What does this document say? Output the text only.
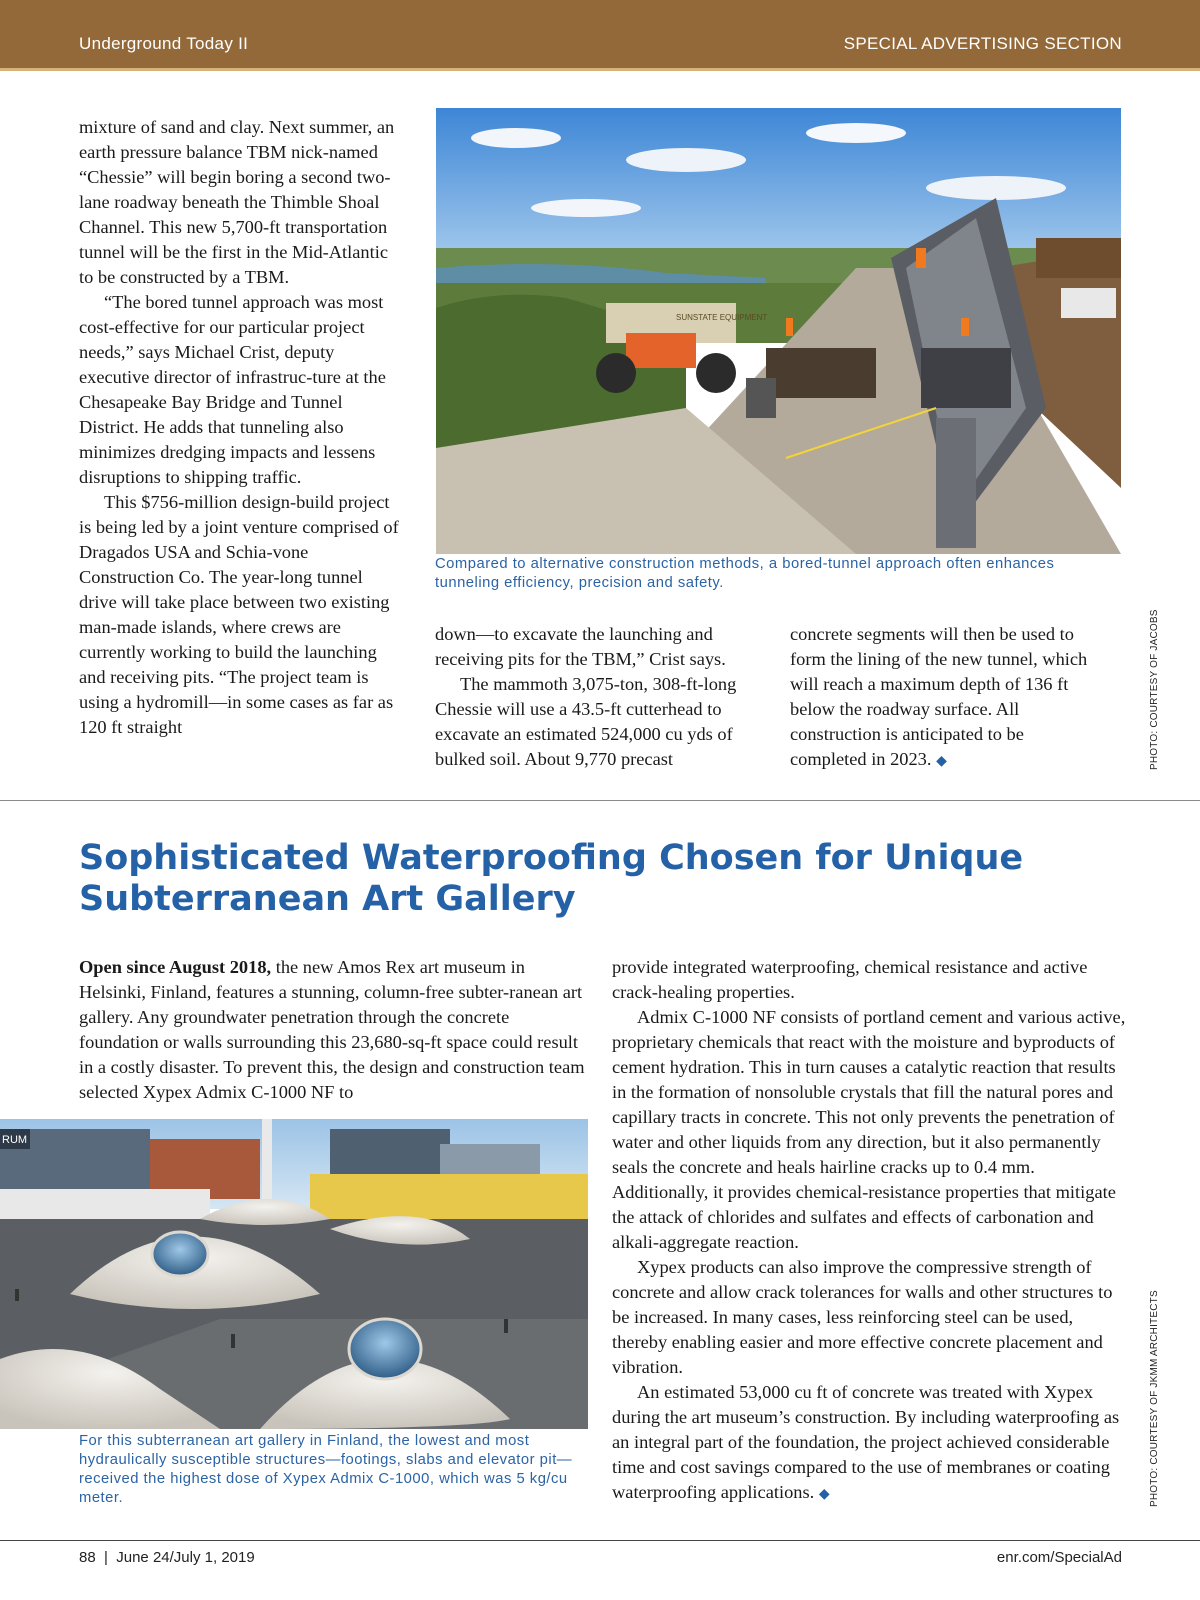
Underground Today II	SPECIAL ADVERTISING SECTION

mixture of sand and clay. Next summer, an earth pressure balance TBM nick-named “Chessie” will begin boring a second two-lane roadway beneath the Thimble Shoal Channel. This new 5,700-ft transportation tunnel will be the first in the Mid-Atlantic to be constructed by a TBM.

“The bored tunnel approach was most cost-effective for our particular project needs,” says Michael Crist, deputy executive director of infrastruc-ture at the Chesapeake Bay Bridge and Tunnel District. He adds that tunneling also minimizes dredging impacts and lessens disruptions to shipping traffic.

This $756-million design-build project is being led by a joint venture comprised of Dragados USA and Schia-vone Construction Co. The year-long tunnel drive will take place between two existing man-made islands, where crews are currently working to build the launching and receiving pits. “The project team is using a hydromill—in some cases as far as 120 ft straight

SUNSTATE EQUIPMENT
Compared to alternative construction methods, a bored-tunnel approach often enhances tunneling efficiency, precision and safety.

down—to excavate the launching and receiving pits for the TBM,” Crist says.

The mammoth 3,075-ton, 308-ft-long Chessie will use a 43.5-ft cutterhead to excavate an estimated 524,000 cu yds of bulked soil. About 9,770 precast

concrete segments will then be used to form the lining of the new tunnel, which will reach a maximum depth of 136 ft below the roadway surface. All construction is anticipated to be completed in 2023. ◆	PHOTO: COURTESY OF JACOBS
Sophisticated Waterproofing Chosen for Unique Subterranean Art Gallery

Open since August 2018, the new Amos Rex art museum in Helsinki, Finland, features a stunning, column-free subter-ranean art gallery. Any groundwater penetration through the concrete foundation or walls surrounding this 23,680-sq-ft space could result in a costly disaster. To prevent this, the design and construction team selected Xypex Admix C-1000 NF to

RUM
For this subterranean art gallery in Finland, the lowest and most hydraulically susceptible structures—footings, slabs and elevator pit—received the highest dose of Xypex Admix C-1000, which was 5 kg/cu meter.

provide integrated waterproofing, chemical resistance and active crack-healing properties.

Admix C-1000 NF consists of portland cement and various active, proprietary chemicals that react with the moisture and byproducts of cement hydration. This in turn causes a catalytic reaction that results in the formation of nonsoluble crystals that fill the natural pores and capillary tracts in concrete. This not only prevents the penetration of water and other liquids from any direction, but it also permanently seals the concrete and heals hairline cracks up to 0.4 mm. Additionally, it provides chemical-resistance properties that mitigate the attack of chlorides and sulfates and effects of carbonation and alkali-aggregate reaction.

Xypex products can also improve the compressive strength of concrete and allow crack tolerances for walls and other structures to be increased. In many cases, less reinforcing steel can be used, thereby enabling easier and more effective concrete placement and vibration.

An estimated 53,000 cu ft of concrete was treated with Xypex during the art museum’s construction. By including waterproofing as an integral part of the foundation, the project achieved considerable time and cost savings compared to the use of membranes or coating waterproofing applications. ◆	PHOTO: COURTESY OF JKMM ARCHITECTS
88  |  June 24/July 1, 2019	enr.com/SpecialAd
